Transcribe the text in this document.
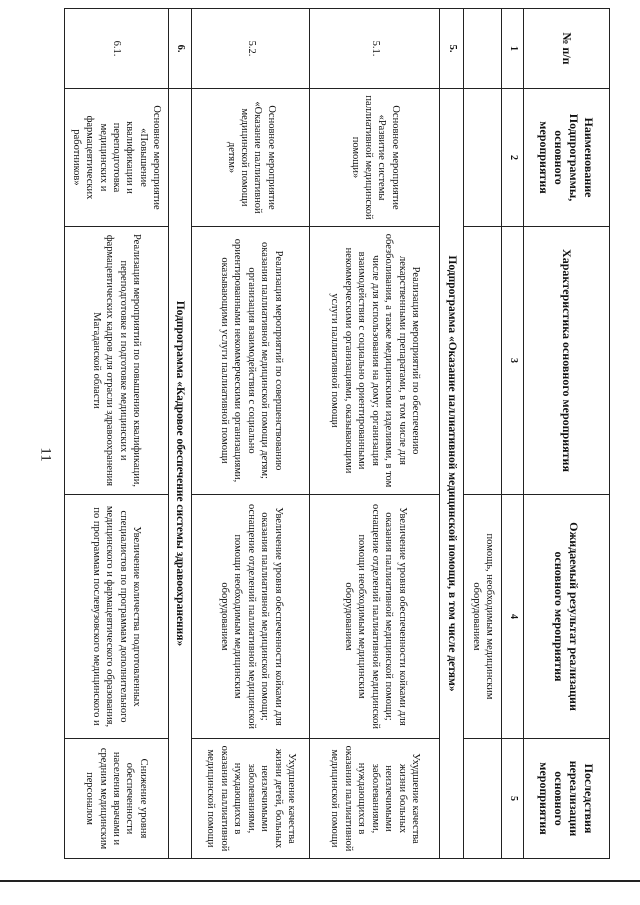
11
№ п/п	Наименование Подпрограммы, основного мероприятия	Характеристика основного мероприятия	Ожидаемый результат реализации основного мероприятия	Последствия нереализации основного мероприятия
1	2	3	4	5
			помощь, необходимым медицинским оборудованием	
5.	Подпрограмма «Оказание паллиативной медицинской помощи, в том числе детям»			
5.1.	Основное мероприятие «Развитие системы паллиативной медицинской помощи»	Реализация мероприятий по обеспечению лекарственными препаратами, в том числе для обезболивания, а также медицинскими изделиями, в том числе для использования на дому; организация взаимодействия с социально ориентированными некоммерческими организациями, оказывающими услуги паллиативной помощи	Увеличение уровня обеспеченности койками для оказания паллиативной медицинской помощи; оснащение отделений паллиативной медицинской помощи необходимым медицинским оборудованием	Ухудшение качества жизни больных неизлечимыми заболеваниями, нуждающихся в оказании паллиативной медицинской помощи
5.2.	Основное мероприятие «Оказание паллиативной медицинской помощи детям»	Реализация мероприятий по совершенствованию оказания паллиативной медицинской помощи детям; организация взаимодействия с социально ориентированными некоммерческими организациями, оказывающими услуги паллиативной помощи	Увеличение уровня обеспеченности койками для оказания паллиативной медицинской помощи; оснащение отделений паллиативной медицинской помощи необходимым медицинским оборудованием	Ухудшение качества жизни детей, больных неизлечимыми заболеваниями, нуждающихся в оказании паллиативной медицинской помощи
6.	Подпрограмма «Кадровое обеспечение системы здравоохранения»			
6.1.	Основное мероприятие «Повышение квалификации и переподготовка медицинских и фармацевтических работников»	Реализация мероприятий по повышению квалификации, переподготовке и подготовке медицинских и фармацевтических кадров для отрасли здравоохранения Магаданской области	Увеличение количества подготовленных специалистов по программам дополнительного медицинского и фармацевтического образования, по программам послевузовского медицинского и	Снижение уровня обеспеченности населения врачами и средним медицинским персоналом
